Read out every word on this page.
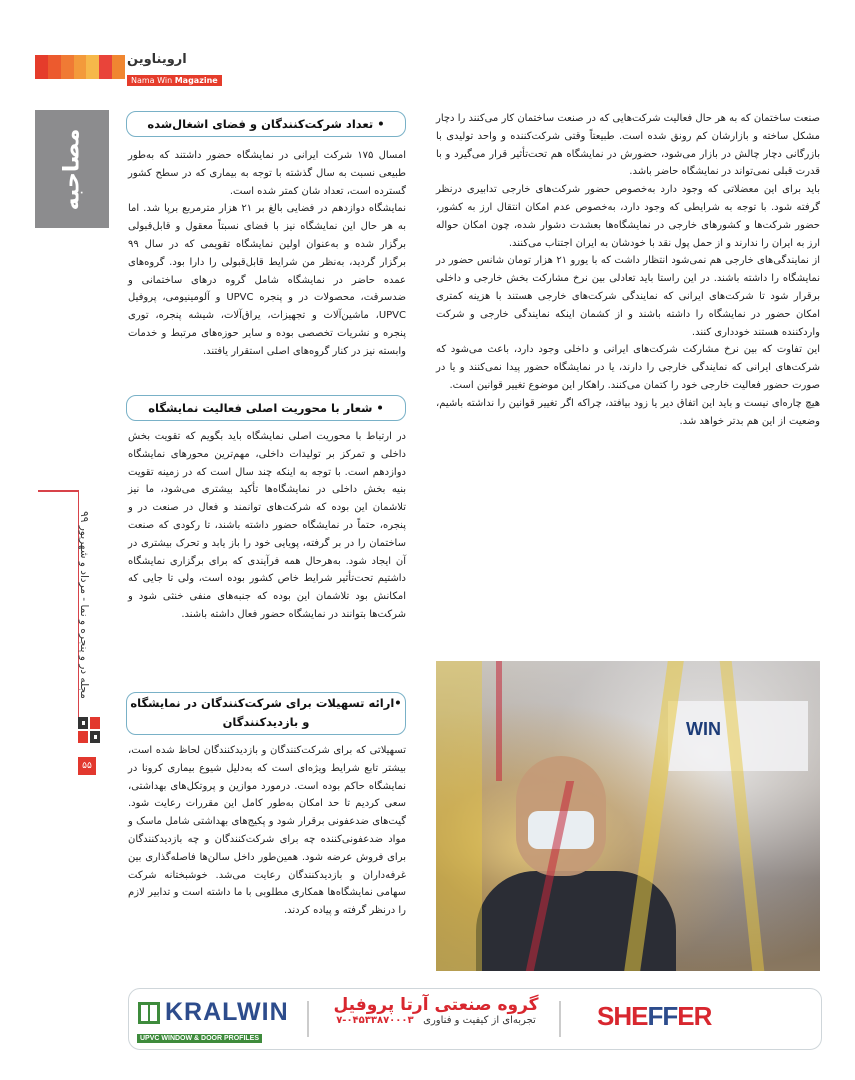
ارویناوین
Nama Win Magazine
مصاحبه
مجله در و پنجره و نما - مرداد و شهریور ۹۹
۵۵

صنعت ساختمان که به هر حال فعالیت شرکت‌هایی که در صنعت ساختمان کار می‌کنند را دچار مشکل ساخته و بازارشان کم رونق شده است. طبیعتاً وقتی شرکت‌کننده و واحد تولیدی با بازرگانی دچار چالش در بازار می‌شود، حضورش در نمایشگاه هم تحت‌تأثیر قرار می‌گیرد و با قدرت قبلی نمی‌تواند در نمایشگاه حاضر باشد.

باید برای این معضلاتی که وجود دارد به‌خصوص حضور شرکت‌های خارجی تدابیری درنظر گرفته شود. با توجه به شرایطی که وجود دارد، به‌خصوص عدم امکان انتقال ارز به کشور، حضور شرکت‌ها و کشورهای خارجی در نمایشگاه‌ها بعشدت دشوار شده، چون امکان حواله ارز به ایران را ندارند و از حمل پول نقد با خودشان به ایران اجتناب می‌کنند.

از نمایندگی‌های خارجی هم نمی‌شود انتظار داشت که با یورو ۲۱ هزار تومان شانس حضور در نمایشگاه را داشته باشند. در این راستا باید تعادلی بین نرخ مشارکت بخش خارجی و داخلی برقرار شود تا شرکت‌های ایرانی که نمایندگی شرکت‌های خارجی هستند با هزینه کمتری امکان حضور در نمایشگاه را داشته باشند و از کشمان اینکه نمایندگی خارجی و شرکت واردکننده هستند خودداری کنند.

این تفاوت که بین نرخ مشارکت شرکت‌های ایرانی و داخلی وجود دارد، باعث می‌شود که شرکت‌های ایرانی که نمایندگی خارجی را دارند، یا در نمایشگاه حضور پیدا نمی‌کنند و یا در صورت حضور فعالیت خارجی خود را کتمان می‌کنند. راهکار این موضوع تغییر قوانین است.

هیچ چاره‌ای نیست و باید این اتفاق دیر یا زود بیافتد، چراکه اگر تغییر قوانین را نداشته باشیم، وضعیت از این هم بدتر خواهد شد.

• تعداد شرکت‌کنندگان و فضای اشغال‌شده

امسال ۱۷۵ شرکت ایرانی در نمایشگاه حضور داشتند که به‌طور طبیعی نسبت به سال گذشته با توجه به بیماری که در سطح کشور گسترده است، تعداد شان کمتر شده است.

نمایشگاه دوازدهم در فضایی بالغ بر ۲۱ هزار مترمربع برپا شد. اما به هر حال این نمایشگاه نیز با فضای نسبتاً معقول و قابل‌قبولی برگزار شده و به‌عنوان اولین نمایشگاه تقویمی که در سال ۹۹ برگزار گردید، به‌نظر من شرایط قابل‌قبولی را دارا بود. گروه‌های عمده حاضر در نمایشگاه شامل گروه درهای ساختمانی و ضدسرقت، محصولات در و پنجره UPVC و آلومینیومی، پروفیل UPVC، ماشین‌آلات و تجهیزات، یراق‌آلات، شیشه پنجره، توری پنجره و نشریات تخصصی بوده و سایر حوزه‌های مرتبط و خدمات وابسته نیز در کنار گروه‌های اصلی استقرار یافتند.

• شعار با محوریت اصلی فعالیت نمایشگاه

در ارتباط با محوریت اصلی نمایشگاه باید بگویم که تقویت بخش داخلی و تمرکز بر تولیدات داخلی، مهم‌ترین محورهای نمایشگاه دوازدهم است. با توجه به اینکه چند سال است که در زمینه تقویت بنیه بخش داخلی در نمایشگاه‌ها تأکید بیشتری می‌شود، ما نیز تلاشمان این بوده که شرکت‌های توانمند و فعال در صنعت در و پنجره، حتماً در نمایشگاه حضور داشته باشند، تا رکودی که صنعت ساختمان را در بر گرفته، پویایی خود را باز یابد و تحرک بیشتری در آن ایجاد شود. به‌هرحال همه فرآیندی که برای برگزاری نمایشگاه داشتیم تحت‌تأثیر شرایط خاص کشور بوده است، ولی تا جایی که امکانش بود تلاشمان این بوده که جنبه‌های منفی خنثی شود و شرکت‌ها بتوانند در نمایشگاه حضور فعال داشته باشند.

•ارائه تسهیلات برای شرکت‌کنندگان در نمایشگاه و بازدیدکنندگان

تسهیلاتی که برای شرکت‌کنندگان و بازدیدکنندگان لحاظ شده است، بیشتر تابع شرایط ویژه‌ای است که به‌دلیل شیوع بیماری کرونا در نمایشگاه حاکم بوده است. درمورد موازین و پروتکل‌های بهداشتی، سعی کردیم تا حد امکان به‌طور کامل این مقررات رعایت شود. گیت‌های ضدعفونی برقرار شود و پکیج‌های بهداشتی شامل ماسک و مواد ضدعفونی‌کننده چه برای شرکت‌کنندگان و چه بازدیدکنندگان برای فروش عرضه شود. همین‌طور داخل سالن‌ها فاصله‌گذاری بین غرفه‌داران و بازدیدکنندگان رعایت می‌شد. خوشبختانه شرکت سهامی نمایشگاه‌ها همکاری مطلوبی با ما داشته است و تدابیر لازم را درنظر گرفته و پیاده کردند.

WIN
KRALWIN
UPVC WINDOW & DOOR PROFILES
گروه صنعتی آرتا پروفیل
تجربه‌ای از کیفیت و فناوری   ۰۴۵۳۳۸۷۰۰۰۳-۷	SHEFFER
